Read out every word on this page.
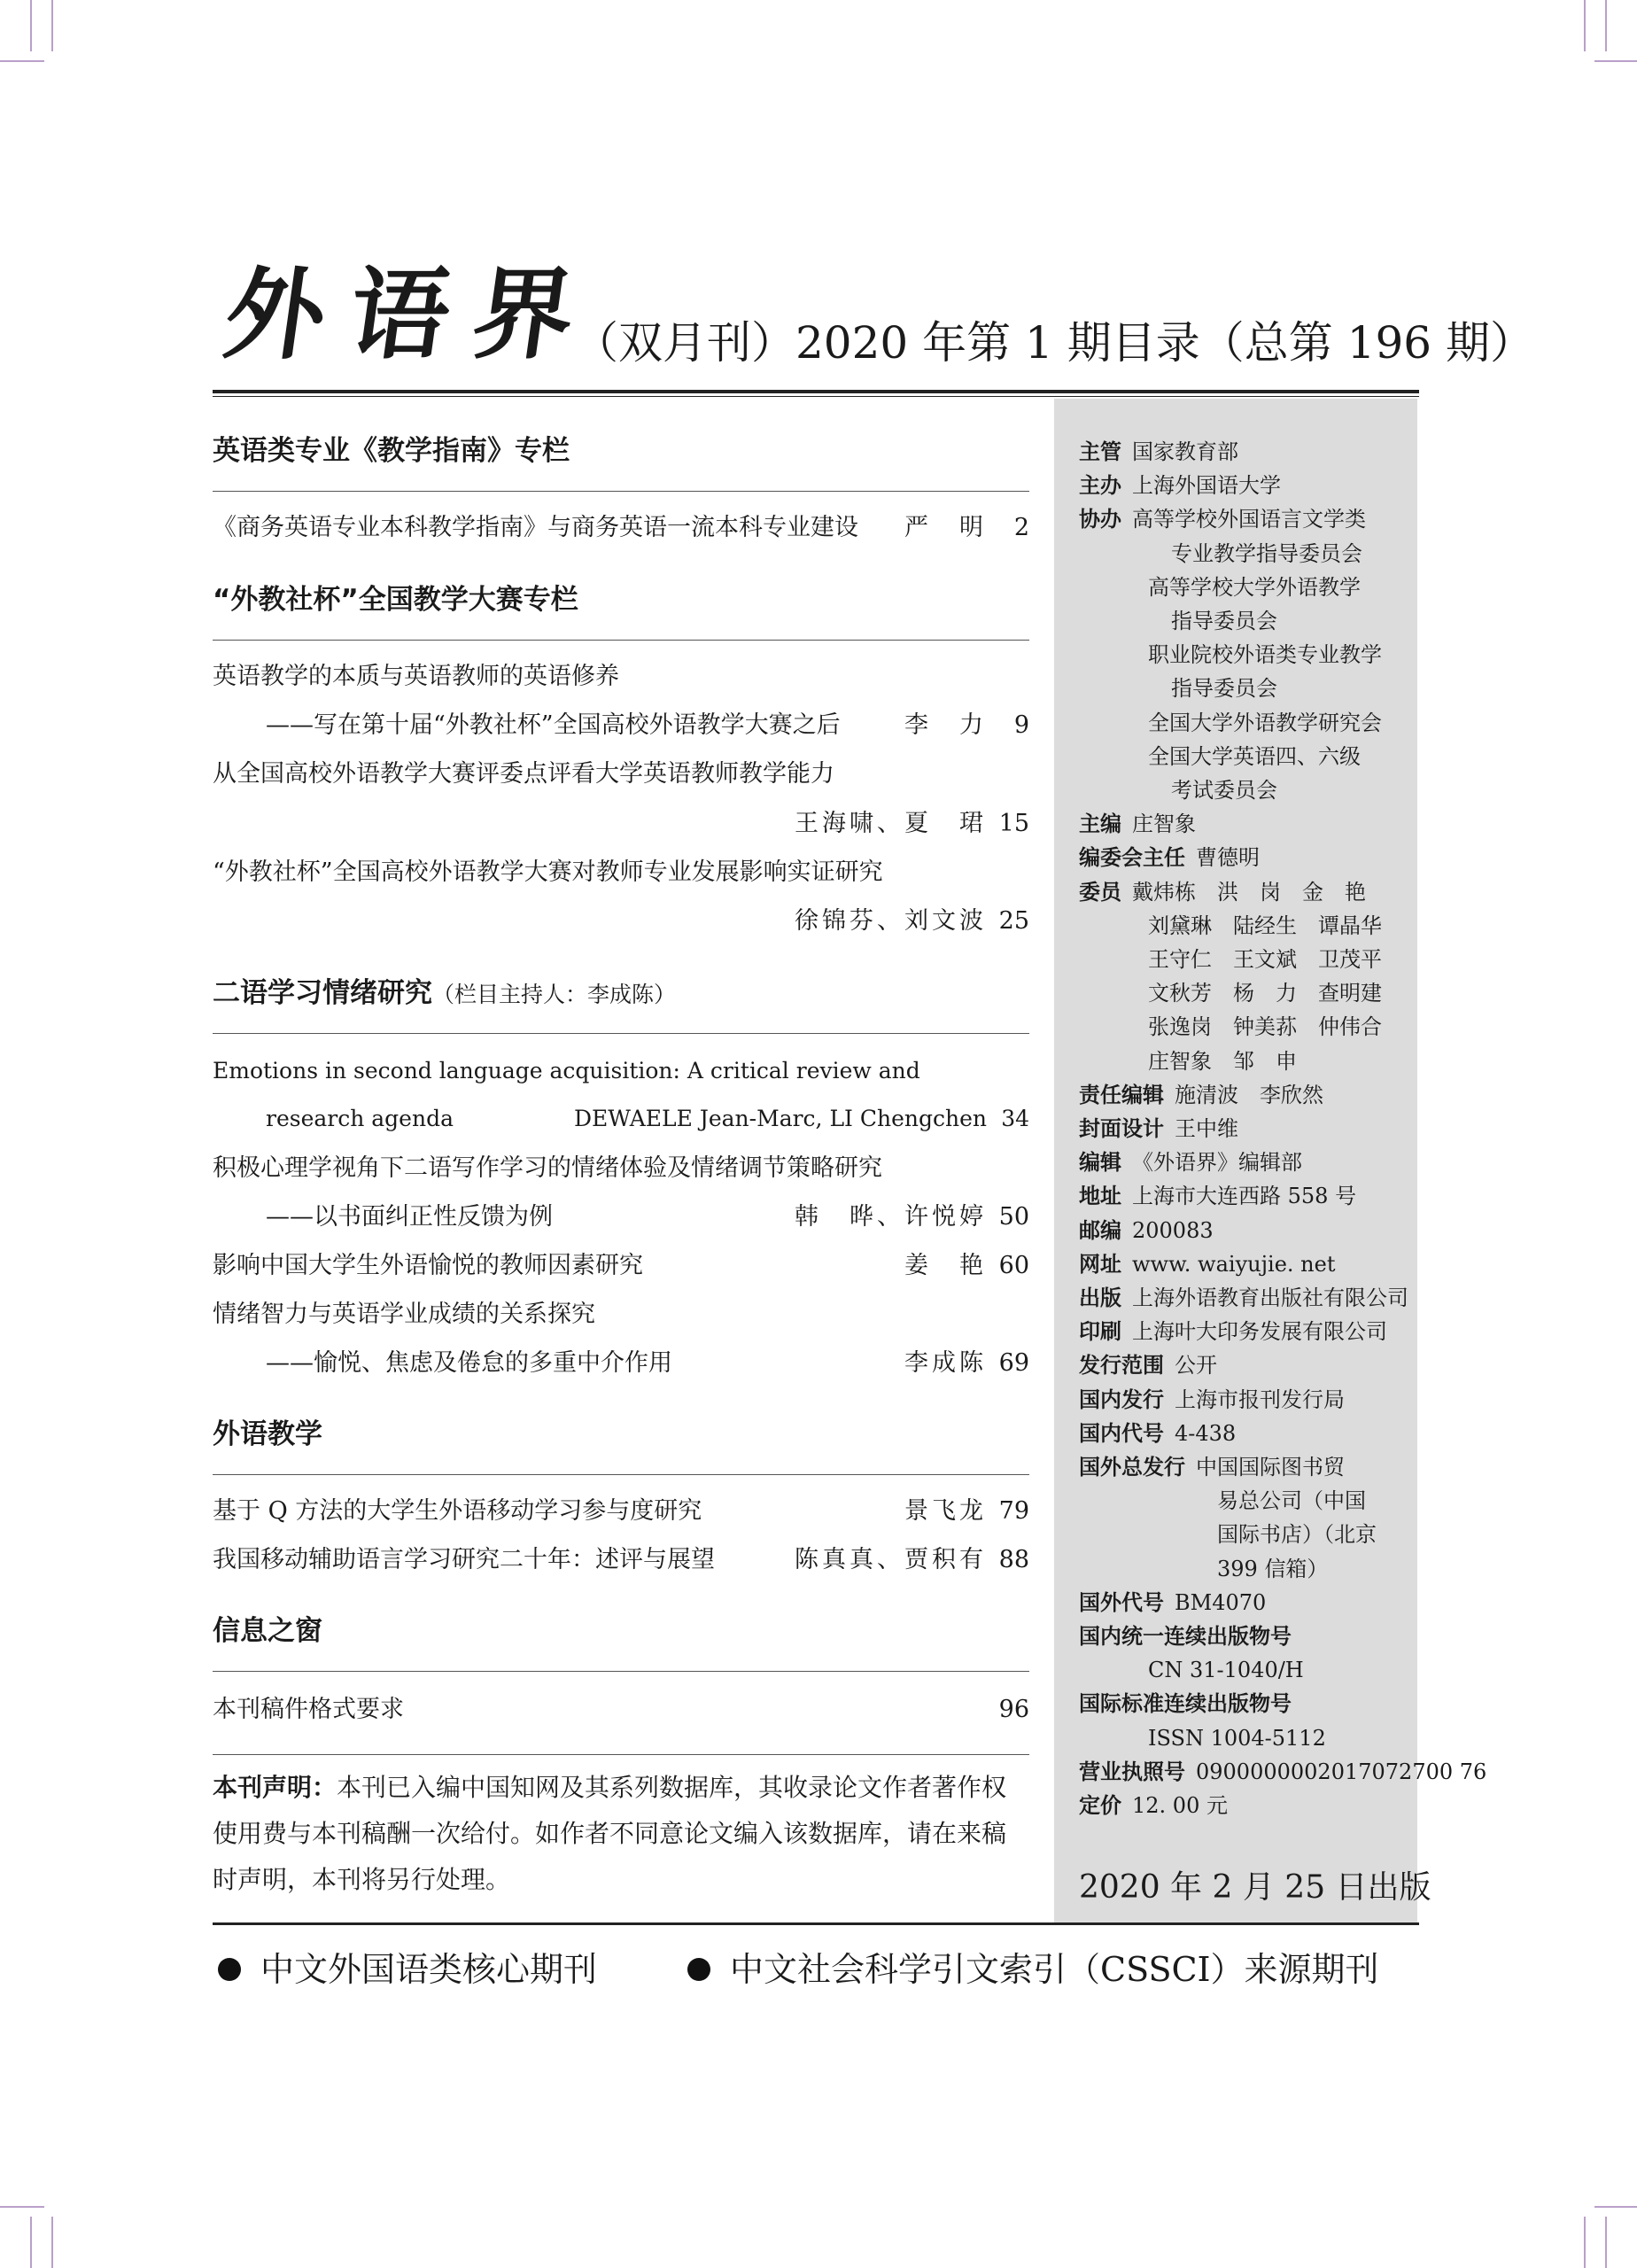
外语界
（双月刊）2020 年第 1 期目录（总第 196 期）
英语类专业《教学指南》专栏
《商务英语专业本科教学指南》与商务英语一流本科专业建设 严　明	2
“外教社杯”全国教学大赛专栏
英语教学的本质与英语教师的英语修养
——写在第十届“外教社杯”全国高校外语教学大赛之后	李　力	9
从全国高校外语教学大赛评委点评看大学英语教师教学能力
王海啸、夏　珺 15
“外教社杯”全国高校外语教学大赛对教师专业发展影响实证研究
徐锦芬、刘文波 25
二语学习情绪研究（栏目主持人：李成陈）
Emotions in second language acquisition: A critical review and
research agenda	DEWAELE Jean-Marc, LI Chengchen 34
积极心理学视角下二语写作学习的情绪体验及情绪调节策略研究
——以书面纠正性反馈为例	韩　晔、许悦婷 50
影响中国大学生外语愉悦的教师因素研究	姜　艳 60
情绪智力与英语学业成绩的关系探究
——愉悦、焦虑及倦怠的多重中介作用	李成陈 69
外语教学
基于 Q 方法的大学生外语移动学习参与度研究	景飞龙 79
我国移动辅助语言学习研究二十年：述评与展望	陈真真、贾积有 88
信息之窗
本刊稿件格式要求	96
本刊声明：本刊已入编中国知网及其系列数据库，其收录论文作者著作权使用费与本刊稿酬一次给付。如作者不同意论文编入该数据库，请在来稿时声明，本刊将另行处理。
主管 国家教育部
主办 上海外国语大学
协办 高等学校外国语言文学类
专业教学指导委员会
高等学校大学外语教学
指导委员会
职业院校外语类专业教学
指导委员会
全国大学外语教学研究会
全国大学英语四、六级
考试委员会
主编 庄智象
编委会主任 曹德明
委员 戴炜栋　洪　岗　金　艳
刘黛琳　陆经生　谭晶华
王守仁　王文斌　卫茂平
文秋芳　杨　力　查明建
张逸岗　钟美荪　仲伟合
庄智象　邹　申
责任编辑 施清波　李欣然
封面设计 王中维
编辑 《外语界》编辑部
地址 上海市大连西路 558 号
邮编 200083
网址 www. waiyujie. net
出版 上海外语教育出版社有限公司
印刷 上海叶大印务发展有限公司
发行范围 公开
国内发行 上海市报刊发行局
国内代号 4-438
国外总发行 中国国际图书贸
易总公司（中国
国际书店）（北京
399 信箱）
国外代号 BM4070
国内统一连续出版物号
CN 31-1040/H
国际标准连续出版物号
ISSN 1004-5112
营业执照号 0900000002017072700 76
定价 12. 00 元
2020 年 2 月 25 日出版
中文外国语类核心期刊	中文社会科学引文索引（CSSCI）来源期刊
